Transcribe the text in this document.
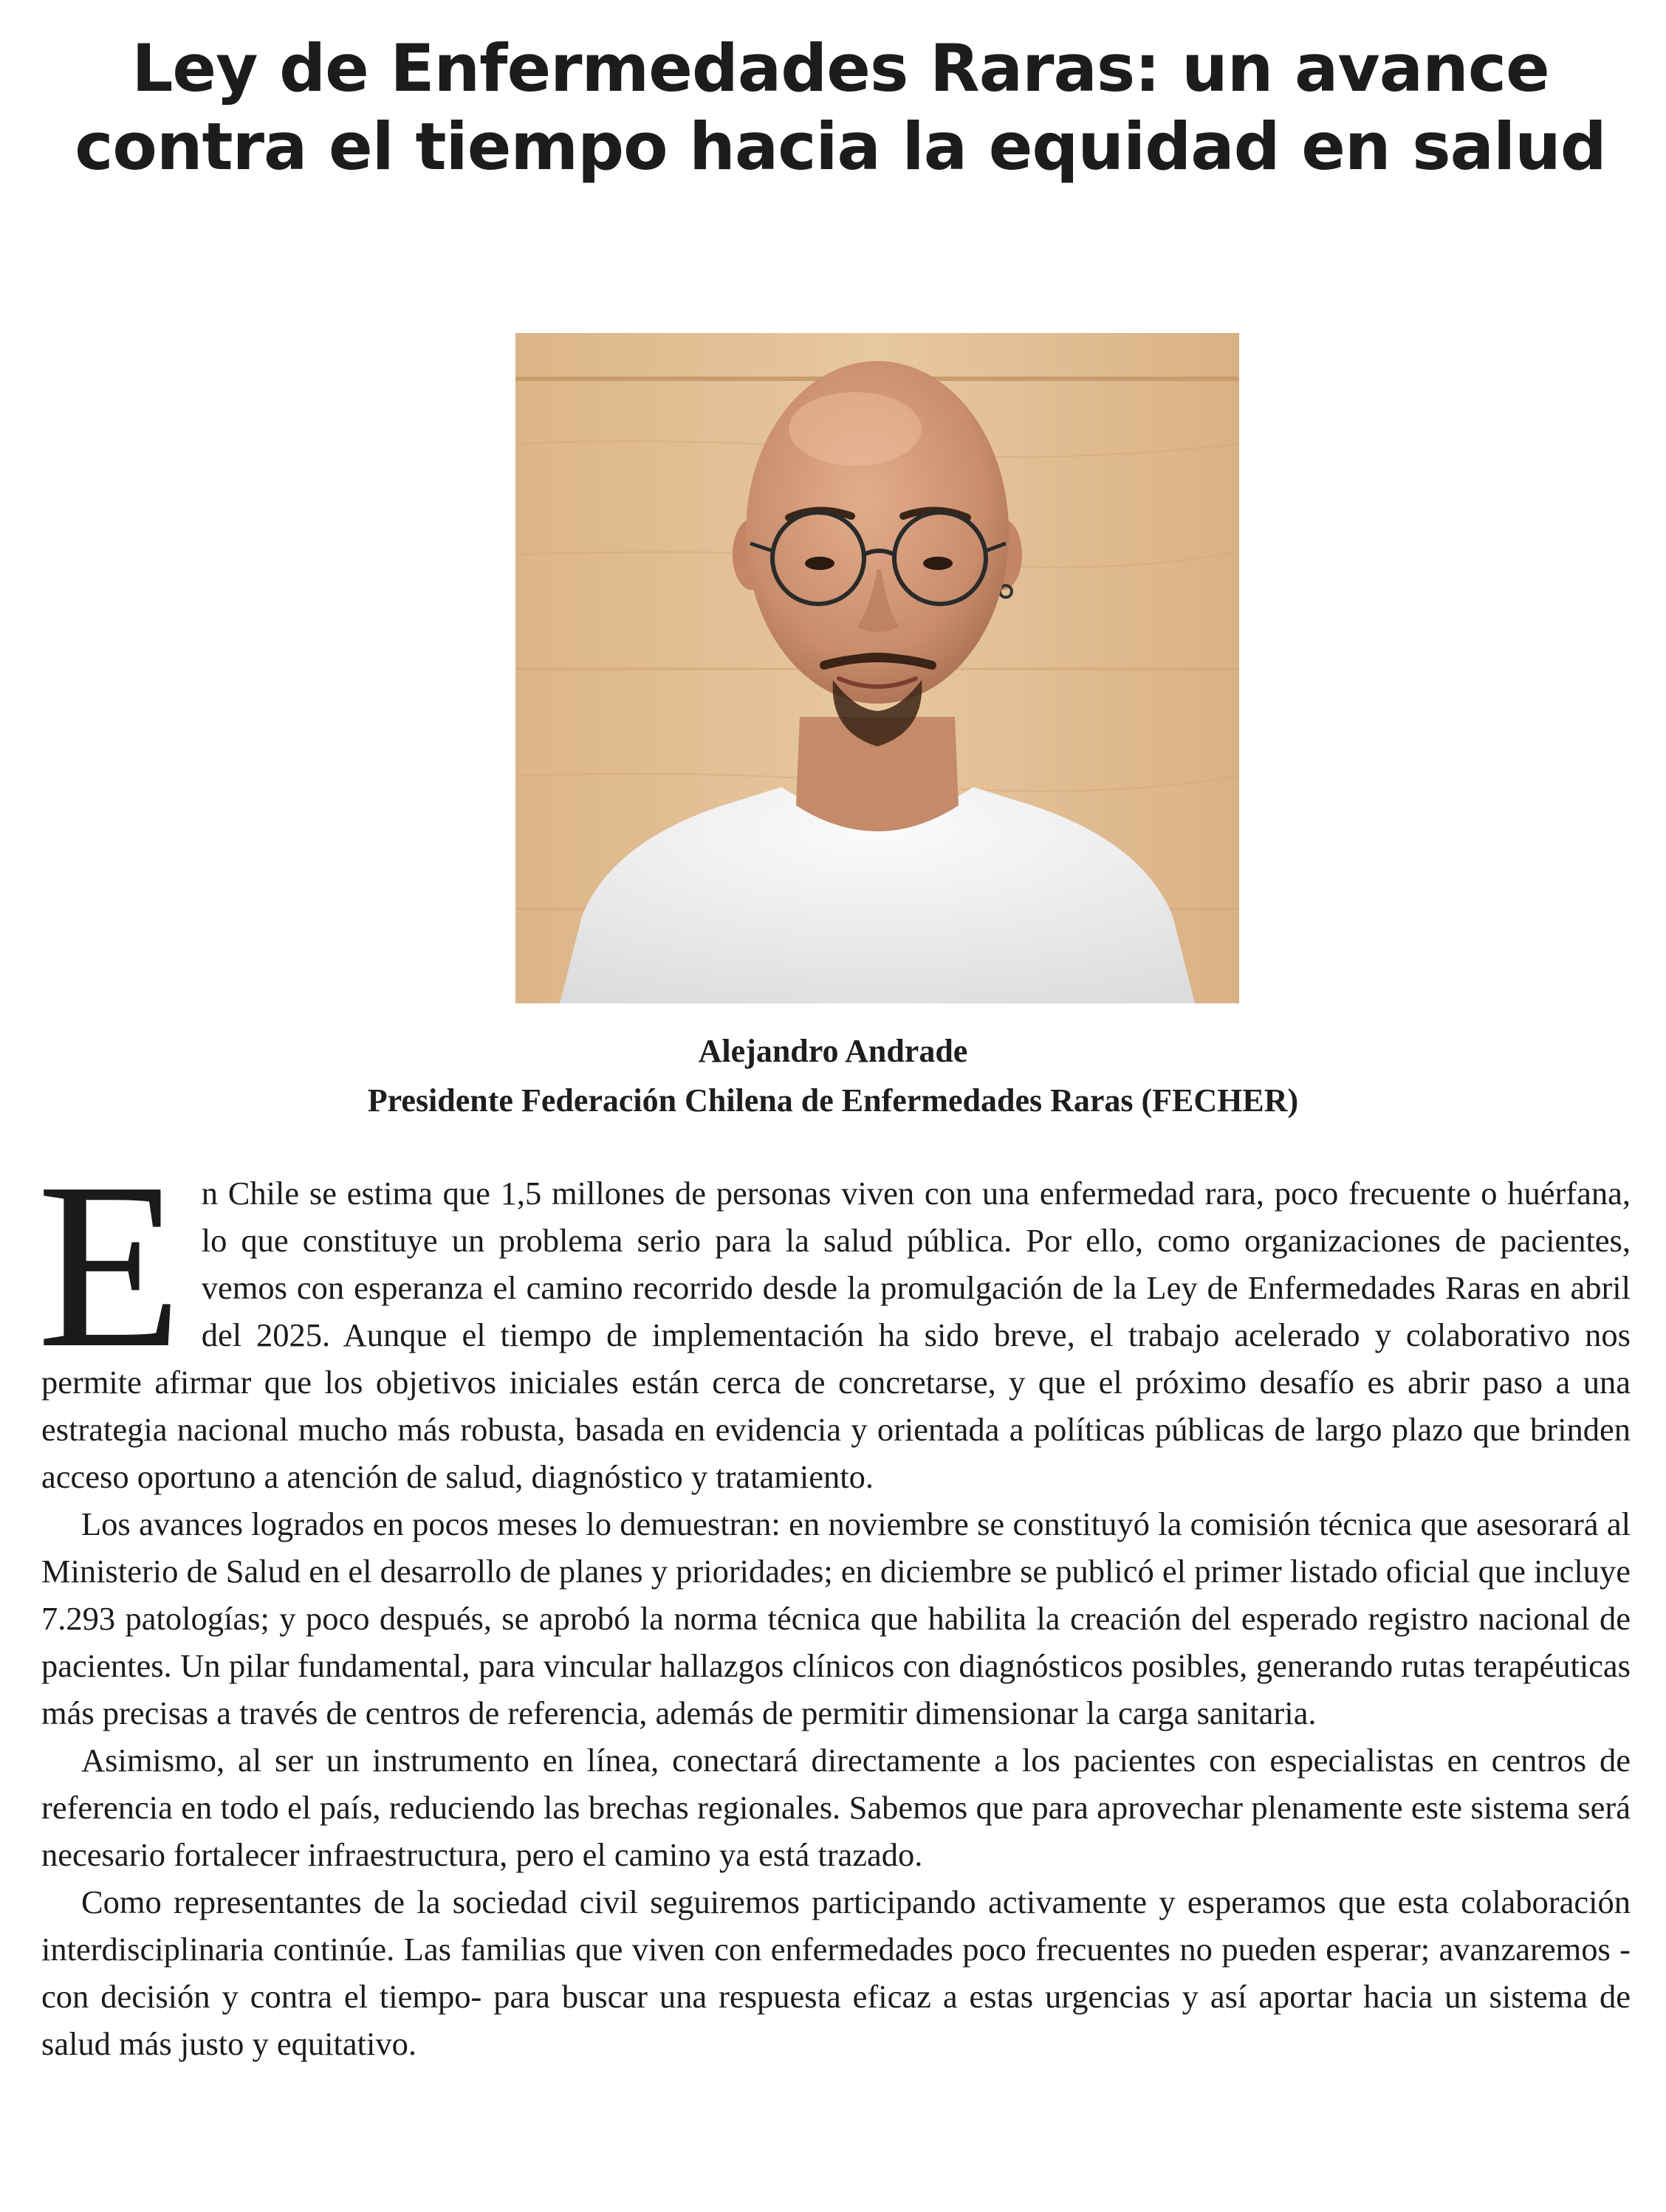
Ley de Enfermedades Raras: un avance contra el tiempo hacia la equidad en salud

Alejandro Andrade

Presidente Federación Chilena de Enfermedades Raras (FECHER)

En Chile se estima que 1,5 millones de personas viven con una enfermedad rara, poco frecuente o huérfana, lo que constituye un problema serio para la salud pública. Por ello, como organizaciones de pacientes, vemos con esperanza el camino recorrido desde la promulgación de la Ley de Enfermedades Raras en abril del 2025. Aunque el tiempo de implementación ha sido breve, el trabajo acelerado y colaborativo nos permite afirmar que los objetivos iniciales están cerca de concretarse, y que el próximo desafío es abrir paso a una estrategia nacional mucho más robusta, basada en evidencia y orientada a políticas públicas de largo plazo que brinden acceso oportuno a atención de salud, diagnóstico y tratamiento.

Los avances logrados en pocos meses lo demuestran: en noviembre se constituyó la comisión técnica que asesorará al Ministerio de Salud en el desarrollo de planes y prioridades; en diciembre se publicó el primer listado oficial que incluye 7.293 patologías; y poco después, se aprobó la norma técnica que habilita la creación del esperado registro nacional de pacientes. Un pilar fundamental, para vincular hallazgos clínicos con diagnósticos posibles, generando rutas terapéuticas más precisas a través de centros de referencia, además de permitir dimensionar la carga sanitaria.

Asimismo, al ser un instrumento en línea, conectará directamente a los pacientes con especialistas en centros de referencia en todo el país, reduciendo las brechas regionales. Sabemos que para aprovechar plenamente este sistema será necesario fortalecer infraestructura, pero el camino ya está trazado.

Como representantes de la sociedad civil seguiremos participando activamente y esperamos que esta colaboración interdisciplinaria continúe. Las familias que viven con enfermedades poco frecuentes no pueden esperar; avanzaremos -con decisión y contra el tiempo- para buscar una respuesta eficaz a estas urgencias y así aportar hacia un sistema de salud más justo y equitativo.
